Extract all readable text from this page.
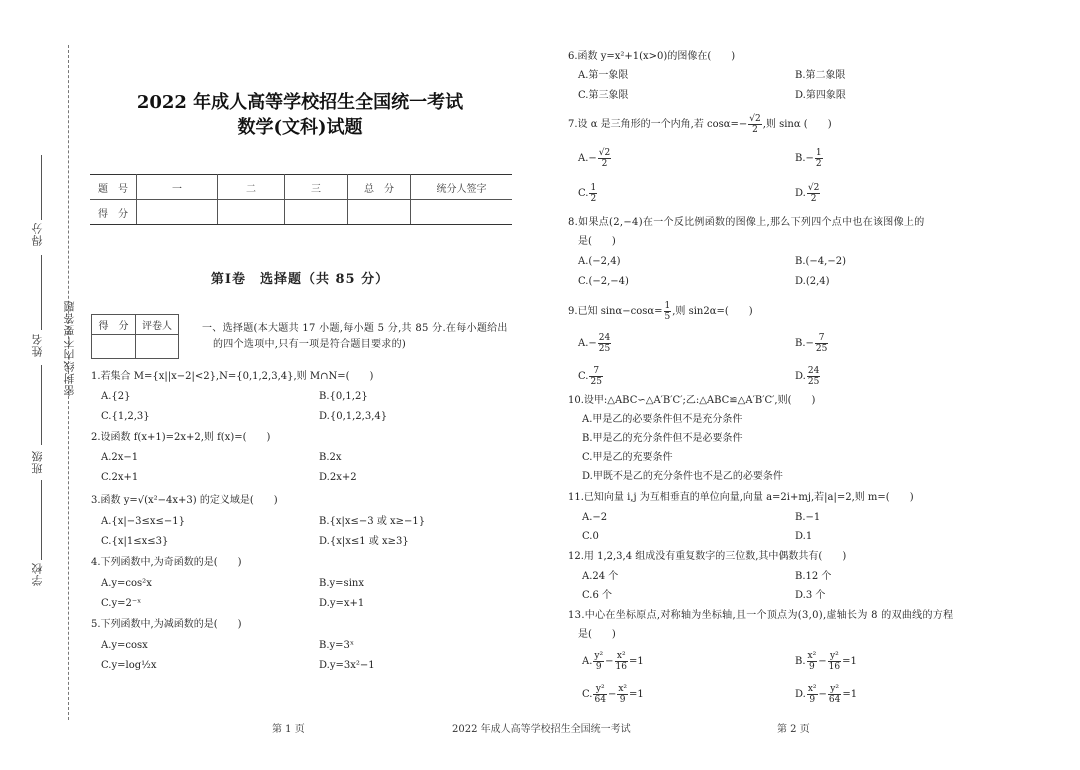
密封线内不要答题
得分
姓名
班级
学校
2022 年成人高等学校招生全国统一考试
数学(文科)试题
题　号	一	二	三	总　分	统分人签字
得　分					
第Ⅰ卷　选择题（共 85 分）
得　分	评卷人
		一、选择题(本大题共 17 小题,每小题 5 分,共 85 分.在每小题给出
的四个选项中,只有一项是符合题目要求的)
1.若集合 M={x||x−2|<2},N={0,1,2,3,4},则 M∩N=(　　)
A.{2}	B.{0,1,2}
C.{1,2,3}	D.{0,1,2,3,4}
2.设函数 f(x+1)=2x+2,则 f(x)=(　　)
A.2x−1	B.2x
C.2x+1	D.2x+2
3.函数 y=√(x²−4x+3) 的定义域是(　　)
A.{x|−3≤x≤−1}	B.{x|x≤−3 或 x≥−1}
C.{x|1≤x≤3}	D.{x|x≤1 或 x≥3}
4.下列函数中,为奇函数的是(　　)
A.y=cos²x	B.y=sinx
C.y=2⁻ˣ	D.y=x+1
5.下列函数中,为减函数的是(　　)
A.y=cosx	B.y=3ˣ
C.y=log½x	D.y=3x²−1
6.函数 y=x²+1(x>0)的图像在(　　)
A.第一象限	B.第二象限
C.第三象限	D.第四象限
7.设 α 是三角形的一个内角,若 $\cos\alpha=- \frac{√2}{2}$ ,则 sinα (　　)
$A.- \frac{√2}{2}$	$B.- \frac{1}{2}$
C. $\frac{1}{2}$	D. $\frac{√2}{2}$
8.如果点(2,−4)在一个反比例函数的图像上,那么下列四个点中也在该图像上的
是(　　)
A.(−2,4)	B.(−4,−2)
C.(−2,−4)	D.(2,4)
9.已知 $\sin\alpha-\cos\alpha= \frac{1}{5}$ ,则 sin2α=(　　)
$A.- \frac{24}{25}$	$B.- \frac{7}{25}$
C. $\frac{7}{25}$	D. $\frac{24}{25}$
10.设甲:△ABC∽△A′B′C′;乙:△ABC≌△A′B′C′,则(　　)
A.甲是乙的必要条件但不是充分条件
B.甲是乙的充分条件但不是必要条件
C.甲是乙的充要条件
D.甲既不是乙的充分条件也不是乙的必要条件
11.已知向量 i,j 为互相垂直的单位向量,向量 a=2i+mj,若|a|=2,则 m=(　　)
A.−2	B.−1
C.0	D.1
12.用 1,2,3,4 组成没有重复数字的三位数,其中偶数共有(　　)
A.24 个	B.12 个
C.6 个	D.3 个
13.中心在坐标原点,对称轴为坐标轴,且一个顶点为(3,0),虚轴长为 8 的双曲线的方程
是(　　)
A. $\frac{\text{y²}}{9} - \frac{\text{x²}}{16} =1$	B. $\frac{\text{x²}}{9} - \frac{\text{y²}}{16} =1$
C. $\frac{\text{y²}}{64} - \frac{\text{x²}}{9} =1$	D. $\frac{\text{x²}}{9} - \frac{\text{y²}}{64} =1$
第 1 页	2022 年成人高等学校招生全国统一考试	第 2 页
